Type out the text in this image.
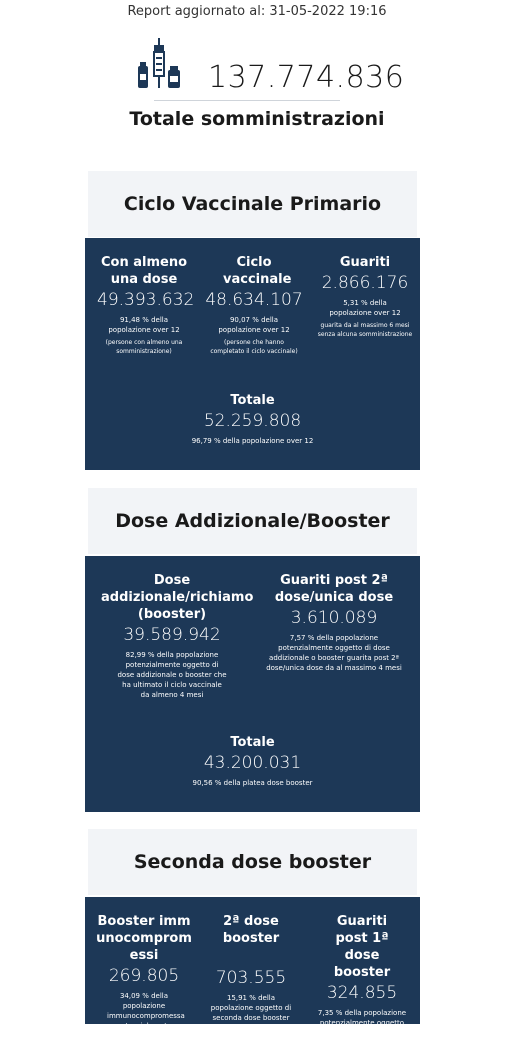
Report aggiornato al: 31-05-2022 19:16
137.774.836
Totale somministrazioni
Ciclo Vaccinale Primario
Con almeno una dose
49.393.632
91,48 % della popolazione over 12
(persone con almeno una somministrazione)
Ciclo vaccinale
48.634.107
90,07 % della popolazione over 12
(persone che hanno completato il ciclo vaccinale)
Guariti
2.866.176
5,31 % della popolazione over 12
guarita da al massimo 6 mesi senza alcuna somministrazione
Totale
52.259.808
96,79 % della popolazione over 12
Dose Addizionale/Booster
Dose addizionale/richiamo (booster)
39.589.942
82,99 % della popolazione potenzialmente oggetto di dose addizionale o booster che ha ultimato il ciclo vaccinale da almeno 4 mesi
Guariti post 2ª dose/unica dose
3.610.089
7,57 % della popolazione potenzialmente oggetto di dose addizionale o booster guarita post 2ª dose/unica dose da al massimo 4 mesi
Totale
43.200.031
90,56 % della platea dose booster
Seconda dose booster
Booster immunocompromessi
269.805
34,09 % della popolazione immunocompromessa potenzialmente oggetto
2ª dose booster
703.555
15,91 % della popolazione oggetto di seconda dose booster
Guariti post 1ª dose booster
324.855
7,35 % della popolazione potenzialmente oggetto di 2ª dose booster
